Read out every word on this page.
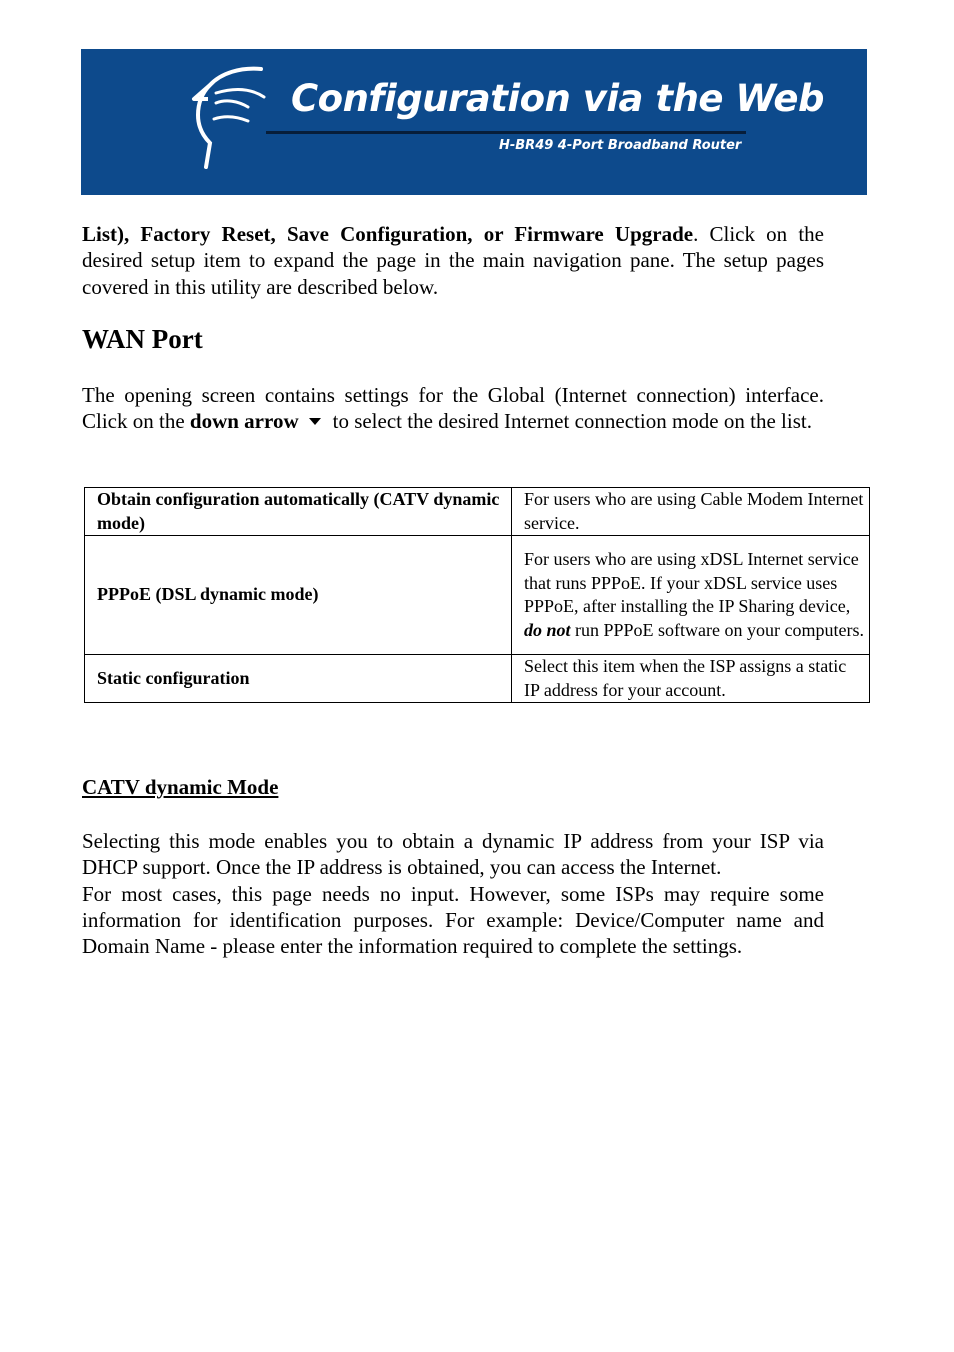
Configuration via the Web
H-BR49 4-Port Broadband Router

List), Factory Reset, Save Configuration, or Firmware Upgrade. Click on the desired setup item to expand the page in the main navigation pane. The setup pages covered in this utility are described below.

WAN Port

The opening screen contains settings for the Global (Internet connection) interface. Click on the down arrow to select the desired Internet connection mode on the list.

Obtain configuration automatically (CATV dynamic mode)	For users who are using Cable Modem Internet service.
PPPoE (DSL dynamic mode)	For users who are using xDSL Internet service that runs PPPoE. If your xDSL service uses PPPoE, after installing the IP Sharing device, do not run PPPoE software on your computers.
Static configuration	Select this item when the ISP assigns a static IP address for your account.
CATV dynamic Mode

Selecting this mode enables you to obtain a dynamic IP address from your ISP via DHCP support. Once the IP address is obtained, you can access the Internet.

For most cases, this page needs no input. However, some ISPs may require some information for identification purposes. For example: Device/Computer name and Domain Name - please enter the information required to complete the settings.
